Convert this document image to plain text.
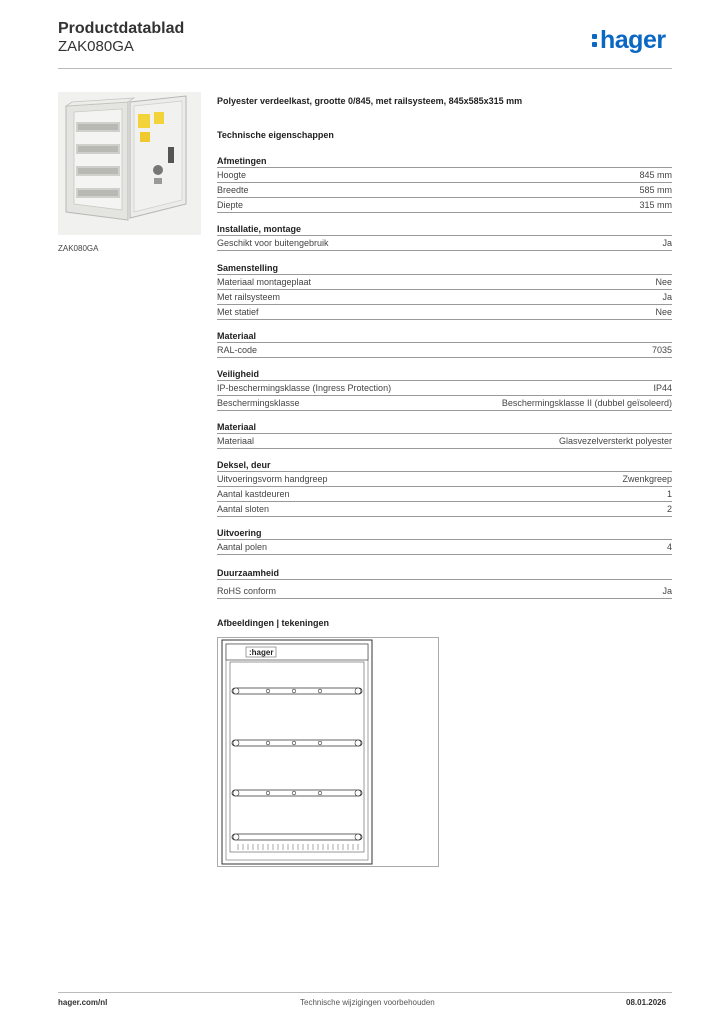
Productdatablad
ZAK080GA	hager
ZAK080GA
Polyester verdeelkast, grootte 0/845, met railsysteem, 845x585x315 mm
Technische eigenschappen
Afmetingen
Hoogte	845 mm
Breedte	585 mm
Diepte	315 mm
Installatie, montage
Geschikt voor buitengebruik	Ja
Samenstelling
Materiaal montageplaat	Nee
Met railsysteem	Ja
Met statief	Nee
Materiaal
RAL-code	7035
Veiligheid
IP-beschermingsklasse (Ingress Protection)	IP44
Beschermingsklasse	Beschermingsklasse II (dubbel geïsoleerd)
Materiaal
Materiaal	Glasvezelversterkt polyester
Deksel, deur
Uitvoeringsvorm handgreep	Zwenkgreep
Aantal kastdeuren	1
Aantal sloten	2
Uitvoering
Aantal polen	4
Duurzaamheid
RoHS conform	Ja
Afbeeldingen | tekeningen
:hager
hager.com/nl	Technische wijzigingen voorbehouden	08.01.2026
